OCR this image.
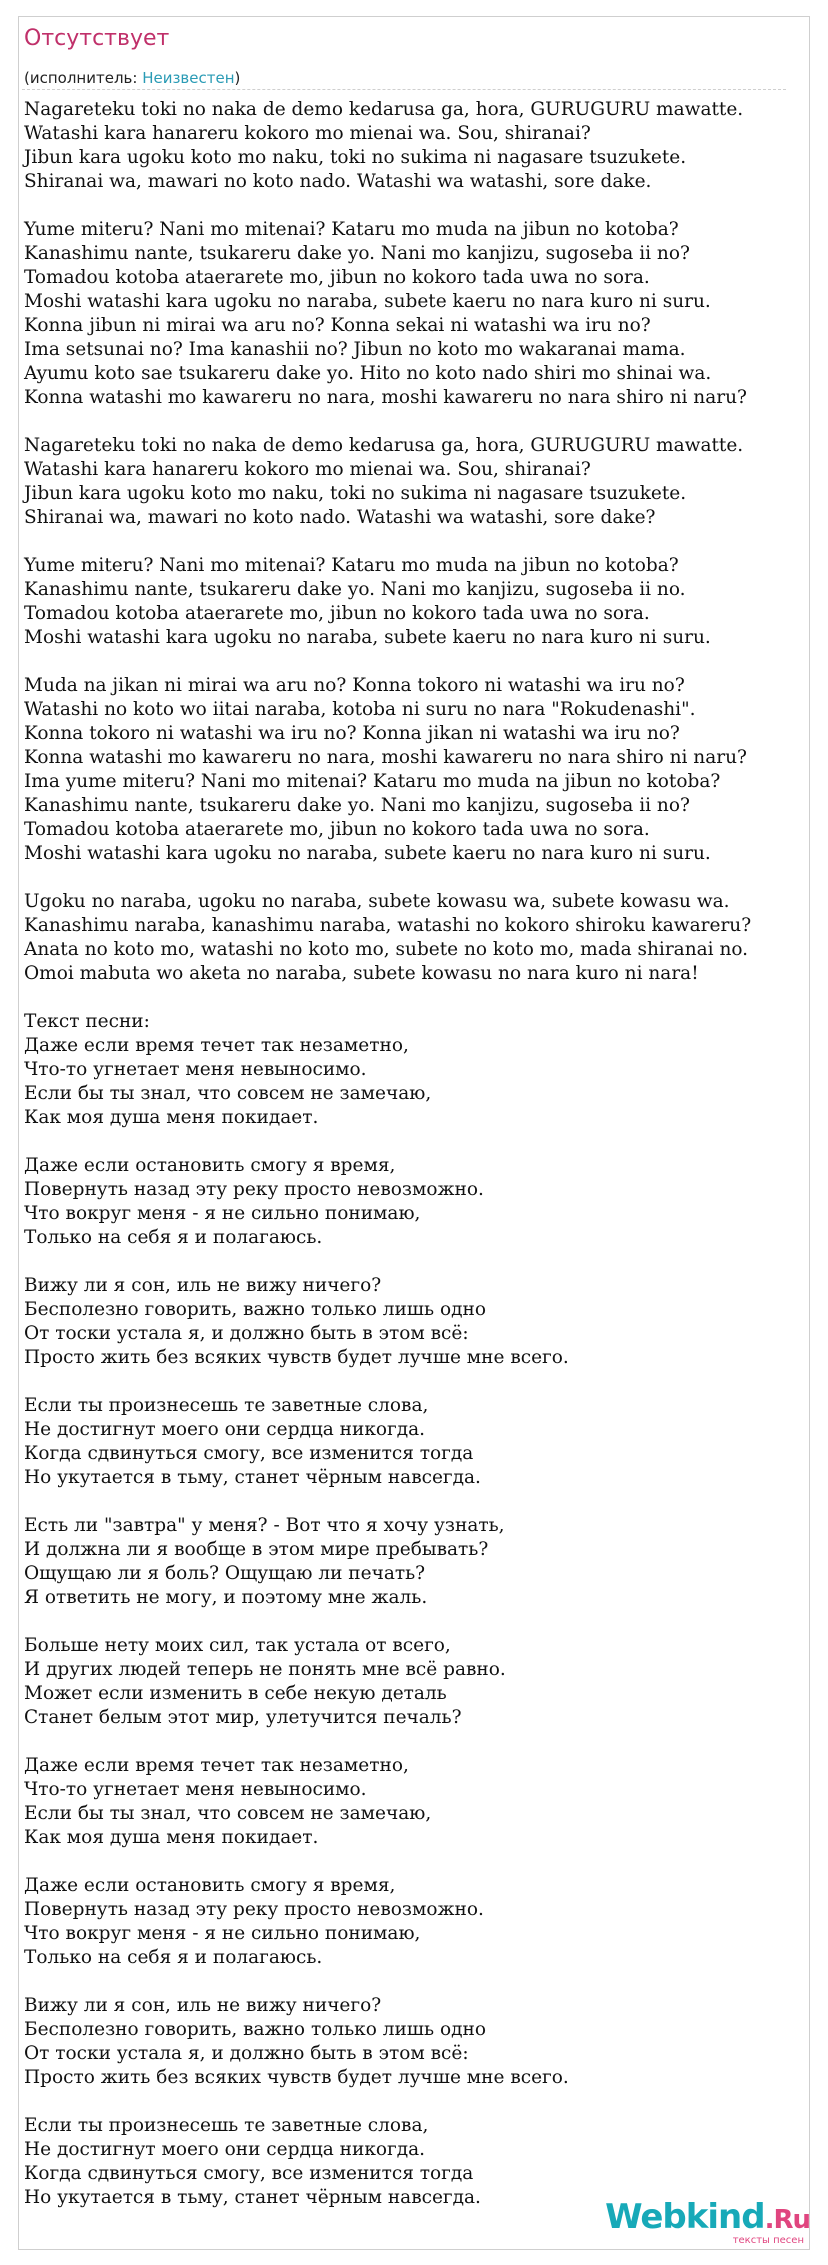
Отсутствует
(исполнитель: Неизвестен)
Nagareteku toki no naka de demo kedarusa ga, hora, GURUGURU mawatte.
Watashi kara hanareru kokoro mo mienai wa. Sou, shiranai?
Jibun kara ugoku koto mo naku, toki no sukima ni nagasare tsuzukete.
Shiranai wa, mawari no koto nado. Watashi wa watashi, sore dake.
Yume miteru? Nani mo mitenai? Kataru mo muda na jibun no kotoba?
Kanashimu nante, tsukareru dake yo. Nani mo kanjizu, sugoseba ii no?
Tomadou kotoba ataerarete mo, jibun no kokoro tada uwa no sora.
Moshi watashi kara ugoku no naraba, subete kaeru no nara kuro ni suru.
Konna jibun ni mirai wa aru no? Konna sekai ni watashi wa iru no?
Ima setsunai no? Ima kanashii no? Jibun no koto mo wakaranai mama.
Ayumu koto sae tsukareru dake yo. Hito no koto nado shiri mo shinai wa.
Konna watashi mo kawareru no nara, moshi kawareru no nara shiro ni naru?
Nagareteku toki no naka de demo kedarusa ga, hora, GURUGURU mawatte.
Watashi kara hanareru kokoro mo mienai wa. Sou, shiranai?
Jibun kara ugoku koto mo naku, toki no sukima ni nagasare tsuzukete.
Shiranai wa, mawari no koto nado. Watashi wa watashi, sore dake?
Yume miteru? Nani mo mitenai? Kataru mo muda na jibun no kotoba?
Kanashimu nante, tsukareru dake yo. Nani mo kanjizu, sugoseba ii no.
Tomadou kotoba ataerarete mo, jibun no kokoro tada uwa no sora.
Moshi watashi kara ugoku no naraba, subete kaeru no nara kuro ni suru.
Muda na jikan ni mirai wa aru no? Konna tokoro ni watashi wa iru no?
Watashi no koto wo iitai naraba, kotoba ni suru no nara "Rokudenashi".
Konna tokoro ni watashi wa iru no? Konna jikan ni watashi wa iru no?
Konna watashi mo kawareru no nara, moshi kawareru no nara shiro ni naru?
Ima yume miteru? Nani mo mitenai? Kataru mo muda na jibun no kotoba?
Kanashimu nante, tsukareru dake yo. Nani mo kanjizu, sugoseba ii no?
Tomadou kotoba ataerarete mo, jibun no kokoro tada uwa no sora.
Moshi watashi kara ugoku no naraba, subete kaeru no nara kuro ni suru.
Ugoku no naraba, ugoku no naraba, subete kowasu wa, subete kowasu wa.
Kanashimu naraba, kanashimu naraba, watashi no kokoro shiroku kawareru?
Anata no koto mo, watashi no koto mo, subete no koto mo, mada shiranai no.
Omoi mabuta wo aketa no naraba, subete kowasu no nara kuro ni nara!
Текст песни:
Даже если время течет так незаметно,
Что-то угнетает меня невыносимо.
Если бы ты знал, что совсем не замечаю,
Как моя душа меня покидает.
Даже если остановить смогу я время,
Повернуть назад эту реку просто невозможно.
Что вокруг меня - я не сильно понимаю,
Только на себя я и полагаюсь.
Вижу ли я сон, иль не вижу ничего?
Бесполезно говорить, важно только лишь одно
От тоски устала я, и должно быть в этом всё:
Просто жить без всяких чувств будет лучше мне всего.
Если ты произнесешь те заветные слова,
Не достигнут моего они сердца никогда.
Когда сдвинуться смогу, все изменится тогда
Но укутается в тьму, станет чёрным навсегда.
Есть ли "завтра" у меня? - Вот что я хочу узнать,
И должна ли я вообще в этом мире пребывать?
Ощущаю ли я боль? Ощущаю ли печать?
Я ответить не могу, и поэтому мне жаль.
Больше нету моих сил, так устала от всего,
И других людей теперь не понять мне всё равно.
Может если изменить в себе некую деталь
Станет белым этот мир, улетучится печаль?
Даже если время течет так незаметно,
Что-то угнетает меня невыносимо.
Если бы ты знал, что совсем не замечаю,
Как моя душа меня покидает.
Даже если остановить смогу я время,
Повернуть назад эту реку просто невозможно.
Что вокруг меня - я не сильно понимаю,
Только на себя я и полагаюсь.
Вижу ли я сон, иль не вижу ничего?
Бесполезно говорить, важно только лишь одно
От тоски устала я, и должно быть в этом всё:
Просто жить без всяких чувств будет лучше мне всего.
Если ты произнесешь те заветные слова,
Не достигнут моего они сердца никогда.
Когда сдвинуться смогу, все изменится тогда
Но укутается в тьму, станет чёрным навсегда.	Webkind.Ru
тексты песен
